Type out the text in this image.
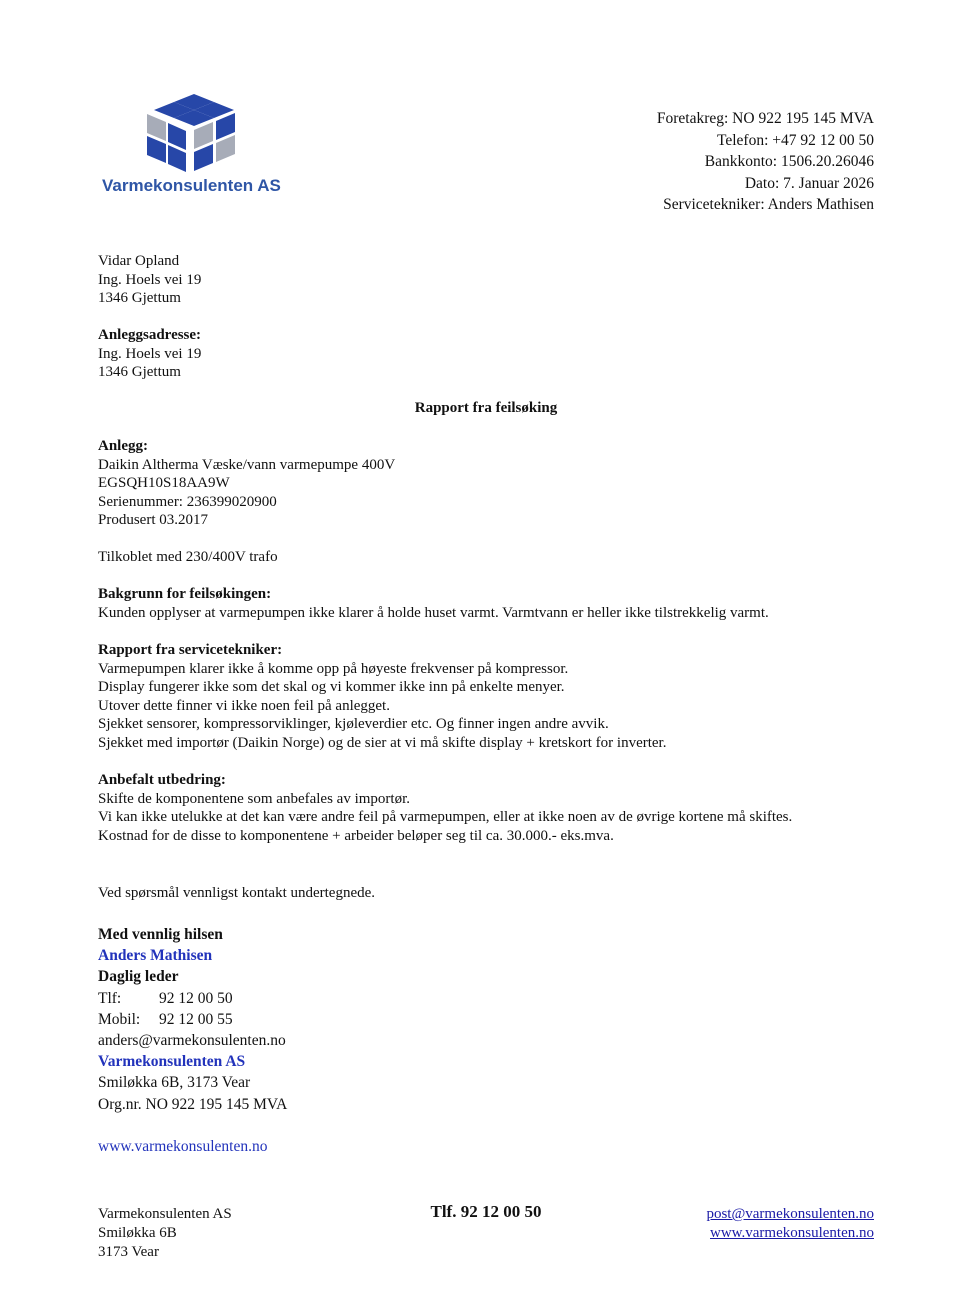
Varmekonsulenten AS
Foretakreg: NO 922 195 145 MVA
Telefon: +47 92 12 00 50
Bankkonto: 1506.20.26046
Dato: 7. Januar 2026
Servicetekniker: Anders Mathisen
Vidar Opland
Ing. Hoels vei 19
1346 Gjettum
Anleggsadresse:
Ing. Hoels vei 19
1346 Gjettum
Rapport fra feilsøking
Anlegg:
Daikin Altherma Væske/vann varmepumpe 400V
EGSQH10S18AA9W
Serienummer: 236399020900
Produsert 03.2017
Tilkoblet med 230/400V trafo
Bakgrunn for feilsøkingen:
Kunden opplyser at varmepumpen ikke klarer å holde huset varmt. Varmtvann er heller ikke tilstrekkelig varmt.
Rapport fra servicetekniker:
Varmepumpen klarer ikke å komme opp på høyeste frekvenser på kompressor.
Display fungerer ikke som det skal og vi kommer ikke inn på enkelte menyer.
Utover dette finner vi ikke noen feil på anlegget.
Sjekket sensorer, kompressorviklinger, kjøleverdier etc. Og finner ingen andre avvik.
Sjekket med importør (Daikin Norge) og de sier at vi må skifte display + kretskort for inverter.
Anbefalt utbedring:
Skifte de komponentene som anbefales av importør.
Vi kan ikke utelukke at det kan være andre feil på varmepumpen, eller at ikke noen av de øvrige kortene må skiftes.
Kostnad for de disse to komponentene + arbeider beløper seg til ca. 30.000.- eks.mva.
Ved spørsmål vennligst kontakt undertegnede.
Med vennlig hilsen
Anders Mathisen
Daglig leder
Tlf: 92 12 00 50
Mobil: 92 12 00 55
anders@varmekonsulenten.no
Varmekonsulenten AS
Smiløkka 6B, 3173 Vear
Org.nr. NO 922 195 145 MVA
www.varmekonsulenten.no
Varmekonsulenten AS
Smiløkka 6B
3173 Vear
Tlf. 92 12 00 50	post@varmekonsulenten.no
www.varmekonsulenten.no
